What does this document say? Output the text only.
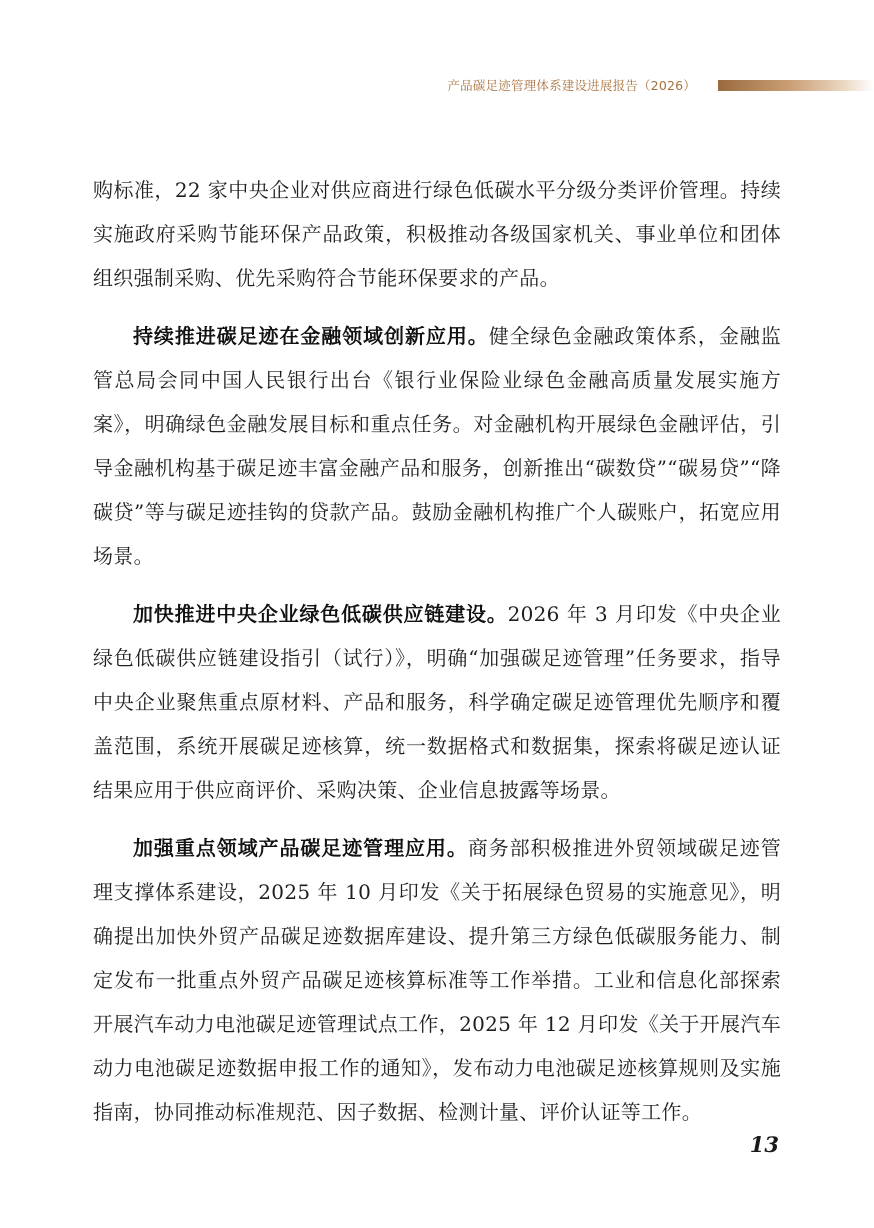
产品碳足迹管理体系建设进展报告（2026）

购标准，22 家中央企业对供应商进行绿色低碳水平分级分类评价管理。持续实施政府采购节能环保产品政策，积极推动各级国家机关、事业单位和团体组织强制采购、优先采购符合节能环保要求的产品。

持续推进碳足迹在金融领域创新应用。健全绿色金融政策体系，金融监管总局会同中国人民银行出台《银行业保险业绿色金融高质量发展实施方案》，明确绿色金融发展目标和重点任务。对金融机构开展绿色金融评估，引导金融机构基于碳足迹丰富金融产品和服务，创新推出“碳数贷”“碳易贷”“降碳贷”等与碳足迹挂钩的贷款产品。鼓励金融机构推广个人碳账户，拓宽应用场景。

加快推进中央企业绿色低碳供应链建设。2026 年 3 月印发《中央企业绿色低碳供应链建设指引（试行）》，明确“加强碳足迹管理”任务要求，指导中央企业聚焦重点原材料、产品和服务，科学确定碳足迹管理优先顺序和覆盖范围，系统开展碳足迹核算，统一数据格式和数据集，探索将碳足迹认证结果应用于供应商评价、采购决策、企业信息披露等场景。

加强重点领域产品碳足迹管理应用。商务部积极推进外贸领域碳足迹管理支撑体系建设，2025 年 10 月印发《关于拓展绿色贸易的实施意见》，明确提出加快外贸产品碳足迹数据库建设、提升第三方绿色低碳服务能力、制定发布一批重点外贸产品碳足迹核算标准等工作举措。工业和信息化部探索开展汽车动力电池碳足迹管理试点工作，2025 年 12 月印发《关于开展汽车动力电池碳足迹数据申报工作的通知》，发布动力电池碳足迹核算规则及实施指南，协同推动标准规范、因子数据、检测计量、评价认证等工作。

13
